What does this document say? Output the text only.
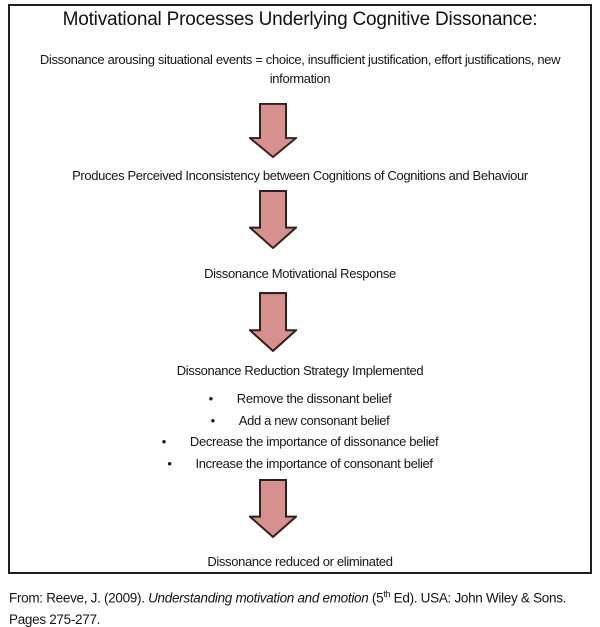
Motivational Processes Underlying Cognitive Dissonance:
Dissonance arousing situational events = choice, insufficient justification, effort justifications, new information
Produces Perceived Inconsistency between Cognitions of Cognitions and Behaviour
Dissonance Motivational Response
Dissonance Reduction Strategy Implemented
•
Remove the dissonant belief
•
Add a new consonant belief
•
Decrease the importance of dissonance belief
•
Increase the importance of consonant belief
Dissonance reduced or eliminated
From: Reeve, J. (2009). Understanding motivation and emotion (5th Ed). USA: John Wiley & Sons.
Pages 275-277.
